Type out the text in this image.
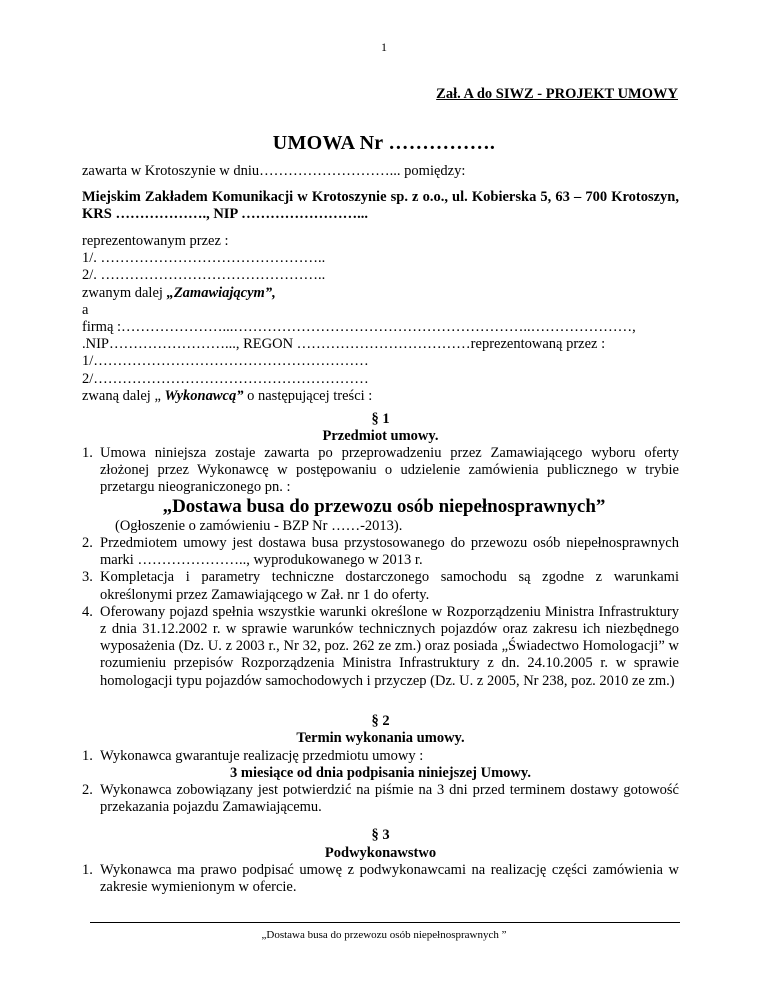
1
Zał. A do SIWZ - PROJEKT UMOWY
UMOWA Nr …………….
zawarta w Krotoszynie w dniu………………………... pomiędzy:
Miejskim Zakładem Komunikacji w Krotoszynie sp. z o.o., ul. Kobierska 5, 63 – 700 Krotoszyn, KRS ………………., NIP ……………………...
reprezentowanym przez :
1/. ………………………………………..
2/. ………………………………………..
zwanym dalej „Zamawiającym”,
a
firmą :…………………...……………………………………………………..…………………,
.NIP……………………..., REGON ………………………………reprezentowaną przez :
1/…………………………………………………
2/…………………………………………………
zwaną dalej „ Wykonawcą” o następującej treści :
§ 1
Przedmiot umowy.
1. Umowa niniejsza zostaje zawarta po przeprowadzeniu przez Zamawiającego wyboru oferty złożonej przez Wykonawcę w postępowaniu o udzielenie zamówienia publicznego w trybie przetargu nieograniczonego pn. :
„Dostawa busa do przewozu osób niepełnosprawnych”
(Ogłoszenie o zamówieniu - BZP Nr ……-2013).
2. Przedmiotem umowy jest dostawa busa przystosowanego do przewozu osób niepełnosprawnych marki ………………….., wyprodukowanego w 2013 r.
3. Kompletacja i parametry techniczne dostarczonego samochodu są zgodne z warunkami określonymi przez Zamawiającego w Zał. nr 1 do oferty.
4. Oferowany pojazd spełnia wszystkie warunki określone w Rozporządzeniu Ministra Infrastruktury z dnia 31.12.2002 r. w sprawie warunków technicznych pojazdów oraz zakresu ich niezbędnego wyposażenia (Dz. U. z 2003 r., Nr 32, poz. 262 ze zm.) oraz posiada „Świadectwo Homologacji” w rozumieniu przepisów Rozporządzenia Ministra Infrastruktury z dn. 24.10.2005 r. w sprawie homologacji typu pojazdów samochodowych i przyczep (Dz. U. z 2005, Nr 238, poz. 2010 ze zm.)
§ 2
Termin wykonania umowy.
1. Wykonawca gwarantuje realizację przedmiotu umowy :
3 miesiące od dnia podpisania niniejszej Umowy.
2. Wykonawca zobowiązany jest potwierdzić na piśmie na 3 dni przed terminem dostawy gotowość przekazania pojazdu Zamawiającemu.
§ 3
Podwykonawstwo
1. Wykonawca ma prawo podpisać umowę z podwykonawcami na realizację części zamówienia w zakresie wymienionym w ofercie.
„Dostawa busa do przewozu osób niepełnosprawnych ”
